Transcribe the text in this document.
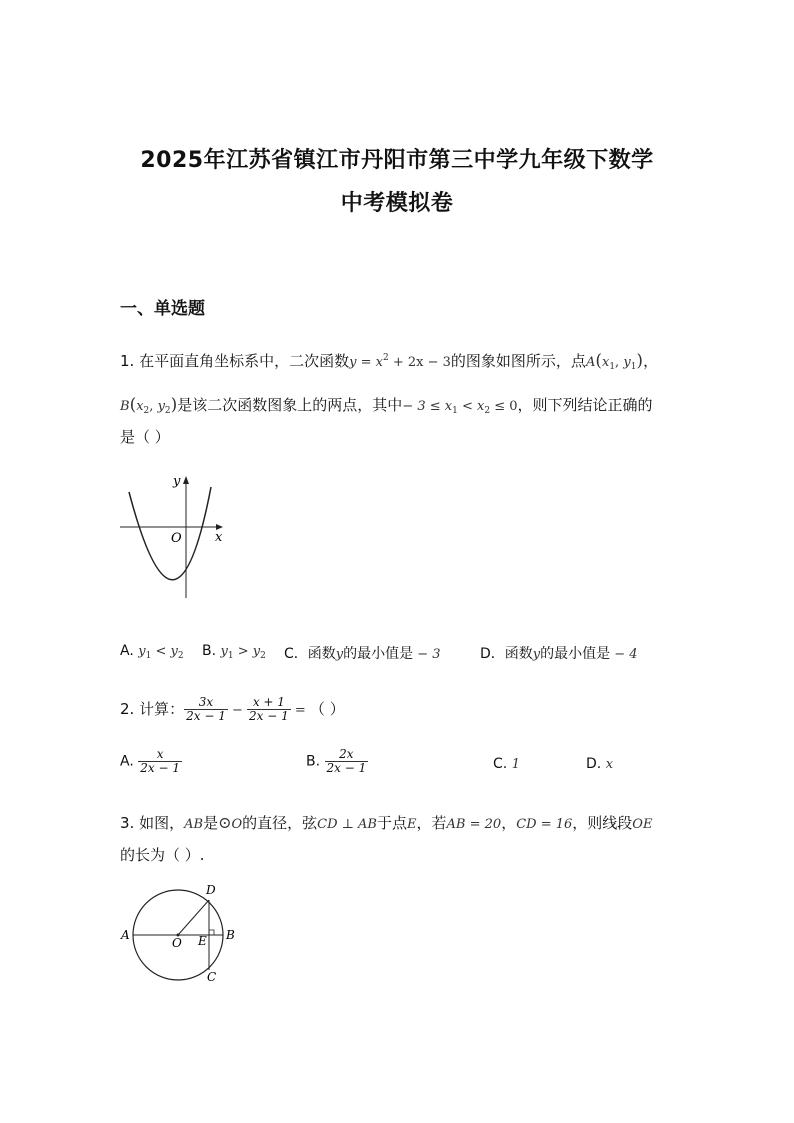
2025年江苏省镇江市丹阳市第三中学九年级下数学
中考模拟卷
一、单选题
1. 在平面直角坐标系中，二次函数$y = x^2 + 2x - 3$的图象如图所示，点$A(x_1$, $y_1$)，
$B(x_2$, $y_2$)是该二次函数图象上的两点，其中− $3 \le x_1 < x_2 \le 0$，则下列结论正确的
是（ ）
y
x
O
A. $y_1 < y_2$ B. $y_1 > y_2$ C．函数y的最小值是 − 3	D．函数y的最小值是 − 4
2. 计算： $\frac{3x}{2x - 1} - \frac{x + 1}{2x - 1}$ = （ ）
A. $\frac{x}{2x - 1}$	B. $\frac{2x}{2x - 1}$	C. 1	D. x
3. 如图，AB是⊙O的直径，弦CD ⊥ AB于点E，若AB = 20，CD = 16，则线段OE
的长为（ ）.
A	B
D
C
O E
